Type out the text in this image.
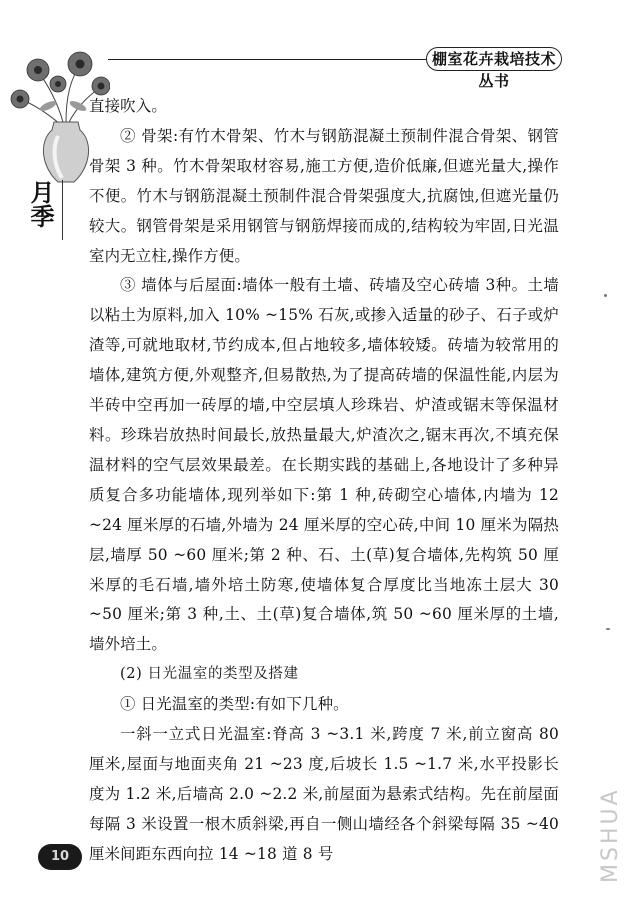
棚室花卉栽培技术丛书
月季

直接吹入。

② 骨架:有竹木骨架、竹木与钢筋混凝土预制件混合骨架、钢管骨架 3 种。竹木骨架取材容易,施工方便,造价低廉,但遮光量大,操作不便。竹木与钢筋混凝土预制件混合骨架强度大,抗腐蚀,但遮光量仍较大。钢管骨架是采用钢管与钢筋焊接而成的,结构较为牢固,日光温室内无立柱,操作方便。

③ 墙体与后屋面:墙体一般有土墙、砖墙及空心砖墙 3种。土墙以粘土为原料,加入 10% ~15% 石灰,或掺入适量的砂子、石子或炉渣等,可就地取材,节约成本,但占地较多,墙体较矮。砖墙为较常用的墙体,建筑方便,外观整齐,但易散热,为了提高砖墙的保温性能,内层为半砖中空再加一砖厚的墙,中空层填人珍珠岩、炉渣或锯末等保温材料。珍珠岩放热时间最长,放热量最大,炉渣次之,锯末再次,不填充保温材料的空气层效果最差。在长期实践的基础上,各地设计了多种异质复合多功能墙体,现列举如下:第 1 种,砖砌空心墙体,内墙为 12 ~24 厘米厚的石墙,外墙为 24 厘米厚的空心砖,中间 10 厘米为隔热层,墙厚 50 ~60 厘米;第 2 种、石、土(草)复合墙体,先构筑 50 厘米厚的毛石墙,墙外培土防寒,使墙体复合厚度比当地冻土层大 30 ~50 厘米;第 3 种,土、土(草)复合墙体,筑 50 ~60 厘米厚的土墙,墙外培土。

(2) 日光温室的类型及搭建

① 日光温室的类型:有如下几种。

一斜一立式日光温室:脊高 3 ~3.1 米,跨度 7 米,前立窗高 80 厘米,屋面与地面夹角 21 ~23 度,后坡长 1.5 ~1.7 米,水平投影长度为 1.2 米,后墙高 2.0 ~2.2 米,前屋面为悬索式结构。先在前屋面每隔 3 米设置一根木质斜梁,再自一侧山墙经各个斜梁每隔 35 ~40 厘米间距东西向拉 14 ~18 道 8 号

10	MSHUA
